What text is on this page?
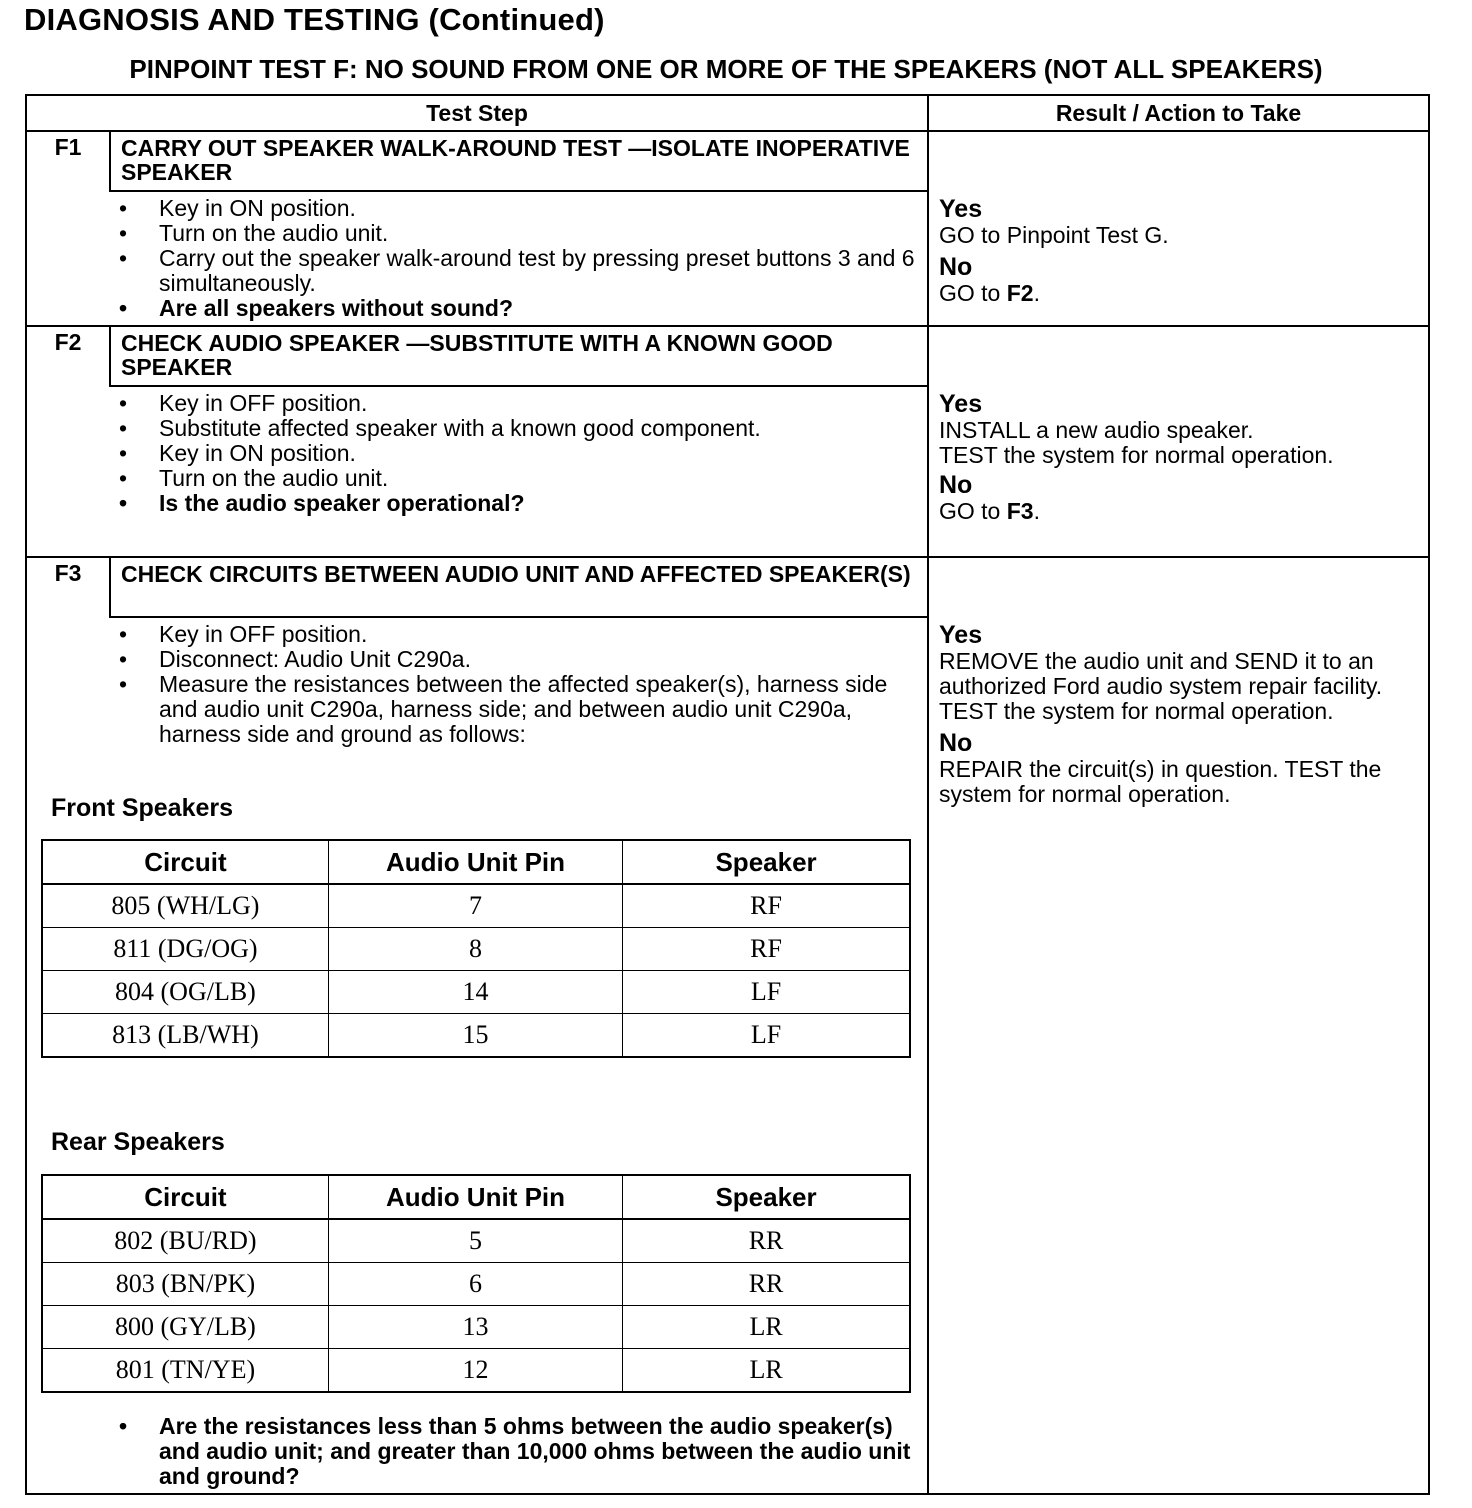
DIAGNOSIS AND TESTING (Continued)
PINPOINT TEST F: NO SOUND FROM ONE OR MORE OF THE SPEAKERS (NOT ALL SPEAKERS)
Test Step	Result / Action to Take
F1	CARRY OUT SPEAKER WALK-AROUND TEST —ISOLATE INOPERATIVE SPEAKER
• Key in ON position.
• Turn on the audio unit.
• Carry out the speaker walk-around test by pressing preset buttons 3 and 6 simultaneously.
• Are all speakers without sound?
Yes
GO to Pinpoint Test G.
No
GO to F2.
F2	CHECK AUDIO SPEAKER —SUBSTITUTE WITH A KNOWN GOOD SPEAKER
• Key in OFF position.
• Substitute affected speaker with a known good component.
• Key in ON position.
• Turn on the audio unit.
• Is the audio speaker operational?
Yes
INSTALL a new audio speaker.
TEST the system for normal operation.
No
GO to F3.
F3	CHECK CIRCUITS BETWEEN AUDIO UNIT AND AFFECTED SPEAKER(S)
• Key in OFF position.
• Disconnect: Audio Unit C290a.
• Measure the resistances between the affected speaker(s), harness side and audio unit C290a, harness side; and between audio unit C290a, harness side and ground as follows:
Front Speakers
Circuit	Audio Unit Pin	Speaker
805 (WH/LG)	7	RF
811 (DG/OG)	8	RF
804 (OG/LB)	14	LF
813 (LB/WH)	15	LF
Rear Speakers
Circuit	Audio Unit Pin	Speaker
802 (BU/RD)	5	RR
803 (BN/PK)	6	RR
800 (GY/LB)	13	LR
801 (TN/YE)	12	LR
• Are the resistances less than 5 ohms between the audio speaker(s) and audio unit; and greater than 10,000 ohms between the audio unit and ground?
Yes
REMOVE the audio unit and SEND it to an authorized Ford audio system repair facility. TEST the system for normal operation.
No
REPAIR the circuit(s) in question. TEST the system for normal operation.
